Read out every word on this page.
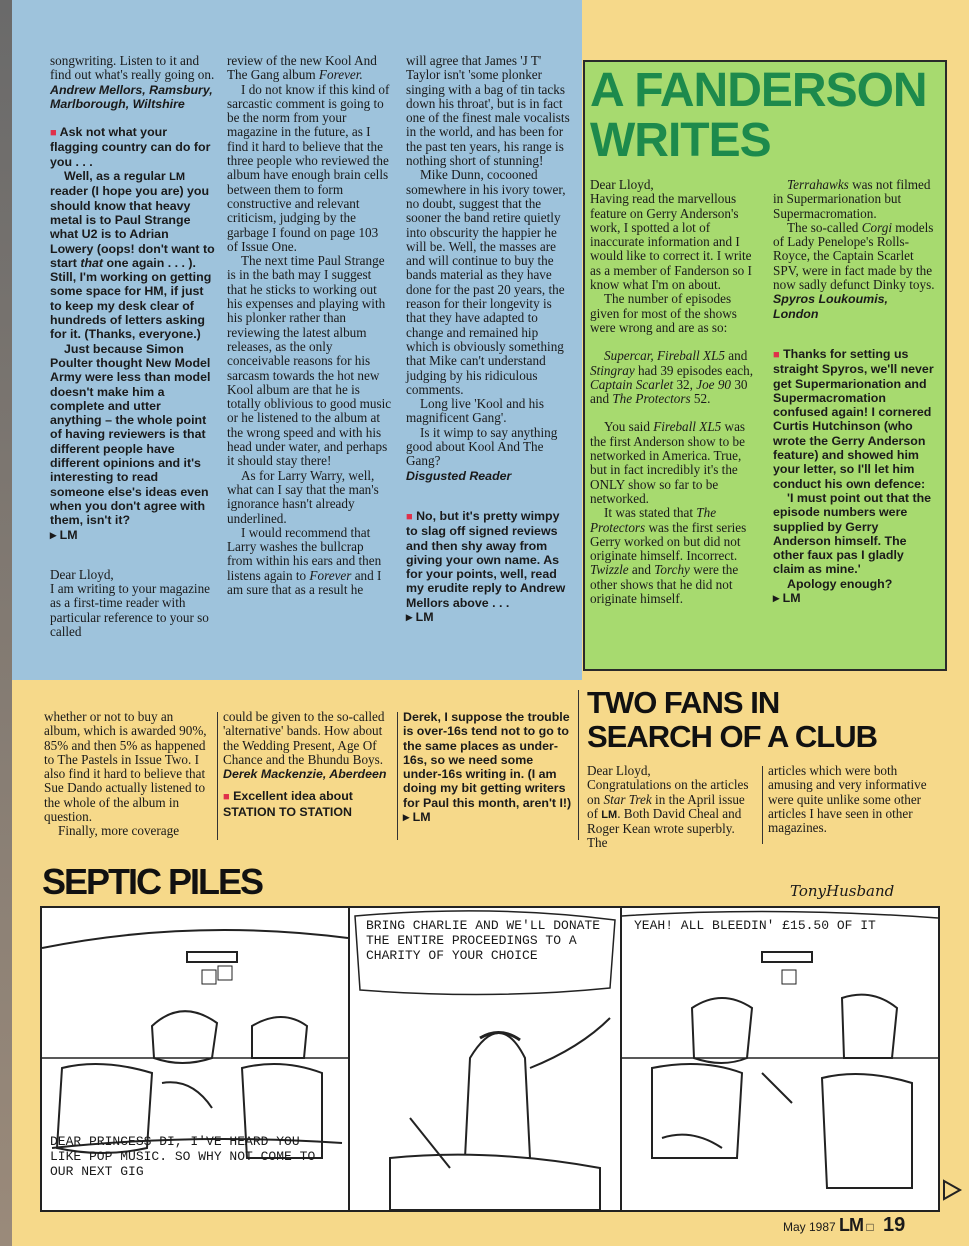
songwriting. Listen to it and find out what's really going on.

Andrew Mellors, Ramsbury, Marlborough, Wiltshire

■ Ask not what your flagging country can do for you . . .

Well, as a regular LM reader (I hope you are) you should know that heavy metal is to Paul Strange what U2 is to Adrian Lowery (oops! don't want to start that one again . . . ). Still, I'm working on getting some space for HM, if just to keep my desk clear of hundreds of letters asking for it. (Thanks, everyone.)

Just because Simon Poulter thought New Model Army were less than model doesn't make him a complete and utter anything – the whole point of having reviewers is that different people have different opinions and it's interesting to read someone else's ideas even when you don't agree with them, isn't it?

▸ LM

Dear Lloyd,

I am writing to your magazine as a first-time reader with particular reference to your so called

review of the new Kool And The Gang album Forever.

I do not know if this kind of sarcastic comment is going to be the norm from your magazine in the future, as I find it hard to believe that the three people who reviewed the album have enough brain cells between them to form constructive and relevant criticism, judging by the garbage I found on page 103 of Issue One.

The next time Paul Strange is in the bath may I suggest that he sticks to working out his expenses and playing with his plonker rather than reviewing the latest album releases, as the only conceivable reasons for his sarcasm towards the hot new Kool album are that he is totally oblivious to good music or he listened to the album at the wrong speed and with his head under water, and perhaps it should stay there!

As for Larry Warry, well, what can I say that the man's ignorance hasn't already underlined.

I would recommend that Larry washes the bullcrap from within his ears and then listens again to Forever and I am sure that as a result he

will agree that James 'J T' Taylor isn't 'some plonker singing with a bag of tin tacks down his throat', but is in fact one of the finest male vocalists in the world, and has been for the past ten years, his range is nothing short of stunning!

Mike Dunn, cocooned somewhere in his ivory tower, no doubt, suggest that the sooner the band retire quietly into obscurity the happier he will be. Well, the masses are and will continue to buy the bands material as they have done for the past 20 years, the reason for their longevity is that they have adapted to change and remained hip which is obviously something that Mike can't understand judging by his ridiculous comments.

Long live 'Kool and his magnificent Gang'.

Is it wimp to say anything good about Kool And The Gang?

Disgusted Reader

■ No, but it's pretty wimpy to slag off signed reviews and then shy away from giving your own name. As for your points, well, read my erudite reply to Andrew Mellors above . . .

▸ LM

A FANDERSON
WRITES

Dear Lloyd,

Having read the marvellous feature on Gerry Anderson's work, I spotted a lot of inaccurate information and I would like to correct it. I write as a member of Fanderson so I know what I'm on about.

The number of episodes given for most of the shows were wrong and are as so:

Supercar, Fireball XL5 and Stingray had 39 episodes each, Captain Scarlet 32, Joe 90 30 and The Protectors 52.

You said Fireball XL5 was the first Anderson show to be networked in America. True, but in fact incredibly it's the ONLY show so far to be networked.

It was stated that The Protectors was the first series Gerry worked on but did not originate himself. Incorrect. Twizzle and Torchy were the other shows that he did not originate himself.

Terrahawks was not filmed in Supermarionation but Supermacromation.

The so-called Corgi models of Lady Penelope's Rolls-Royce, the Captain Scarlet SPV, were in fact made by the now sadly defunct Dinky toys.

Spyros Loukoumis, London

■ Thanks for setting us straight Spyros, we'll never get Supermarionation and Supermacromation confused again! I cornered Curtis Hutchinson (who wrote the Gerry Anderson feature) and showed him your letter, so I'll let him conduct his own defence:

'I must point out that the episode numbers were supplied by Gerry Anderson himself. The other faux pas I gladly claim as mine.'

Apology enough?

▸ LM

whether or not to buy an album, which is awarded 90%, 85% and then 5% as happened to The Pastels in Issue Two. I also find it hard to believe that Sue Dando actually listened to the whole of the album in question.

Finally, more coverage

could be given to the so-called 'alternative' bands. How about the Wedding Present, Age Of Chance and the Bhundu Boys.

Derek Mackenzie, Aberdeen

■ Excellent idea about STATION TO STATION

Derek, I suppose the trouble is over-16s tend not to go to the same places as under-16s, so we need some under-16s writing in. (I am doing my bit getting writers for Paul this month, aren't I!)

▸ LM

TWO FANS IN
SEARCH OF A CLUB

Dear Lloyd,

Congratulations on the articles on Star Trek in the April issue of LM. Both David Cheal and Roger Kean wrote superbly. The

articles which were both amusing and very informative were quite unlike some other articles I have seen in other magazines.

SEPTIC PILES	TonyHusband
DEAR PRINCESS DI, I'VE HEARD YOU LIKE POP MUSIC. SO WHY NOT COME TO OUR NEXT GIG
BRING CHARLIE AND WE'LL DONATE THE ENTIRE PROCEEDINGS TO A CHARITY OF YOUR CHOICE
YEAH! ALL BLEEDIN' £15.50 OF IT
May 1987 LM □ 19
